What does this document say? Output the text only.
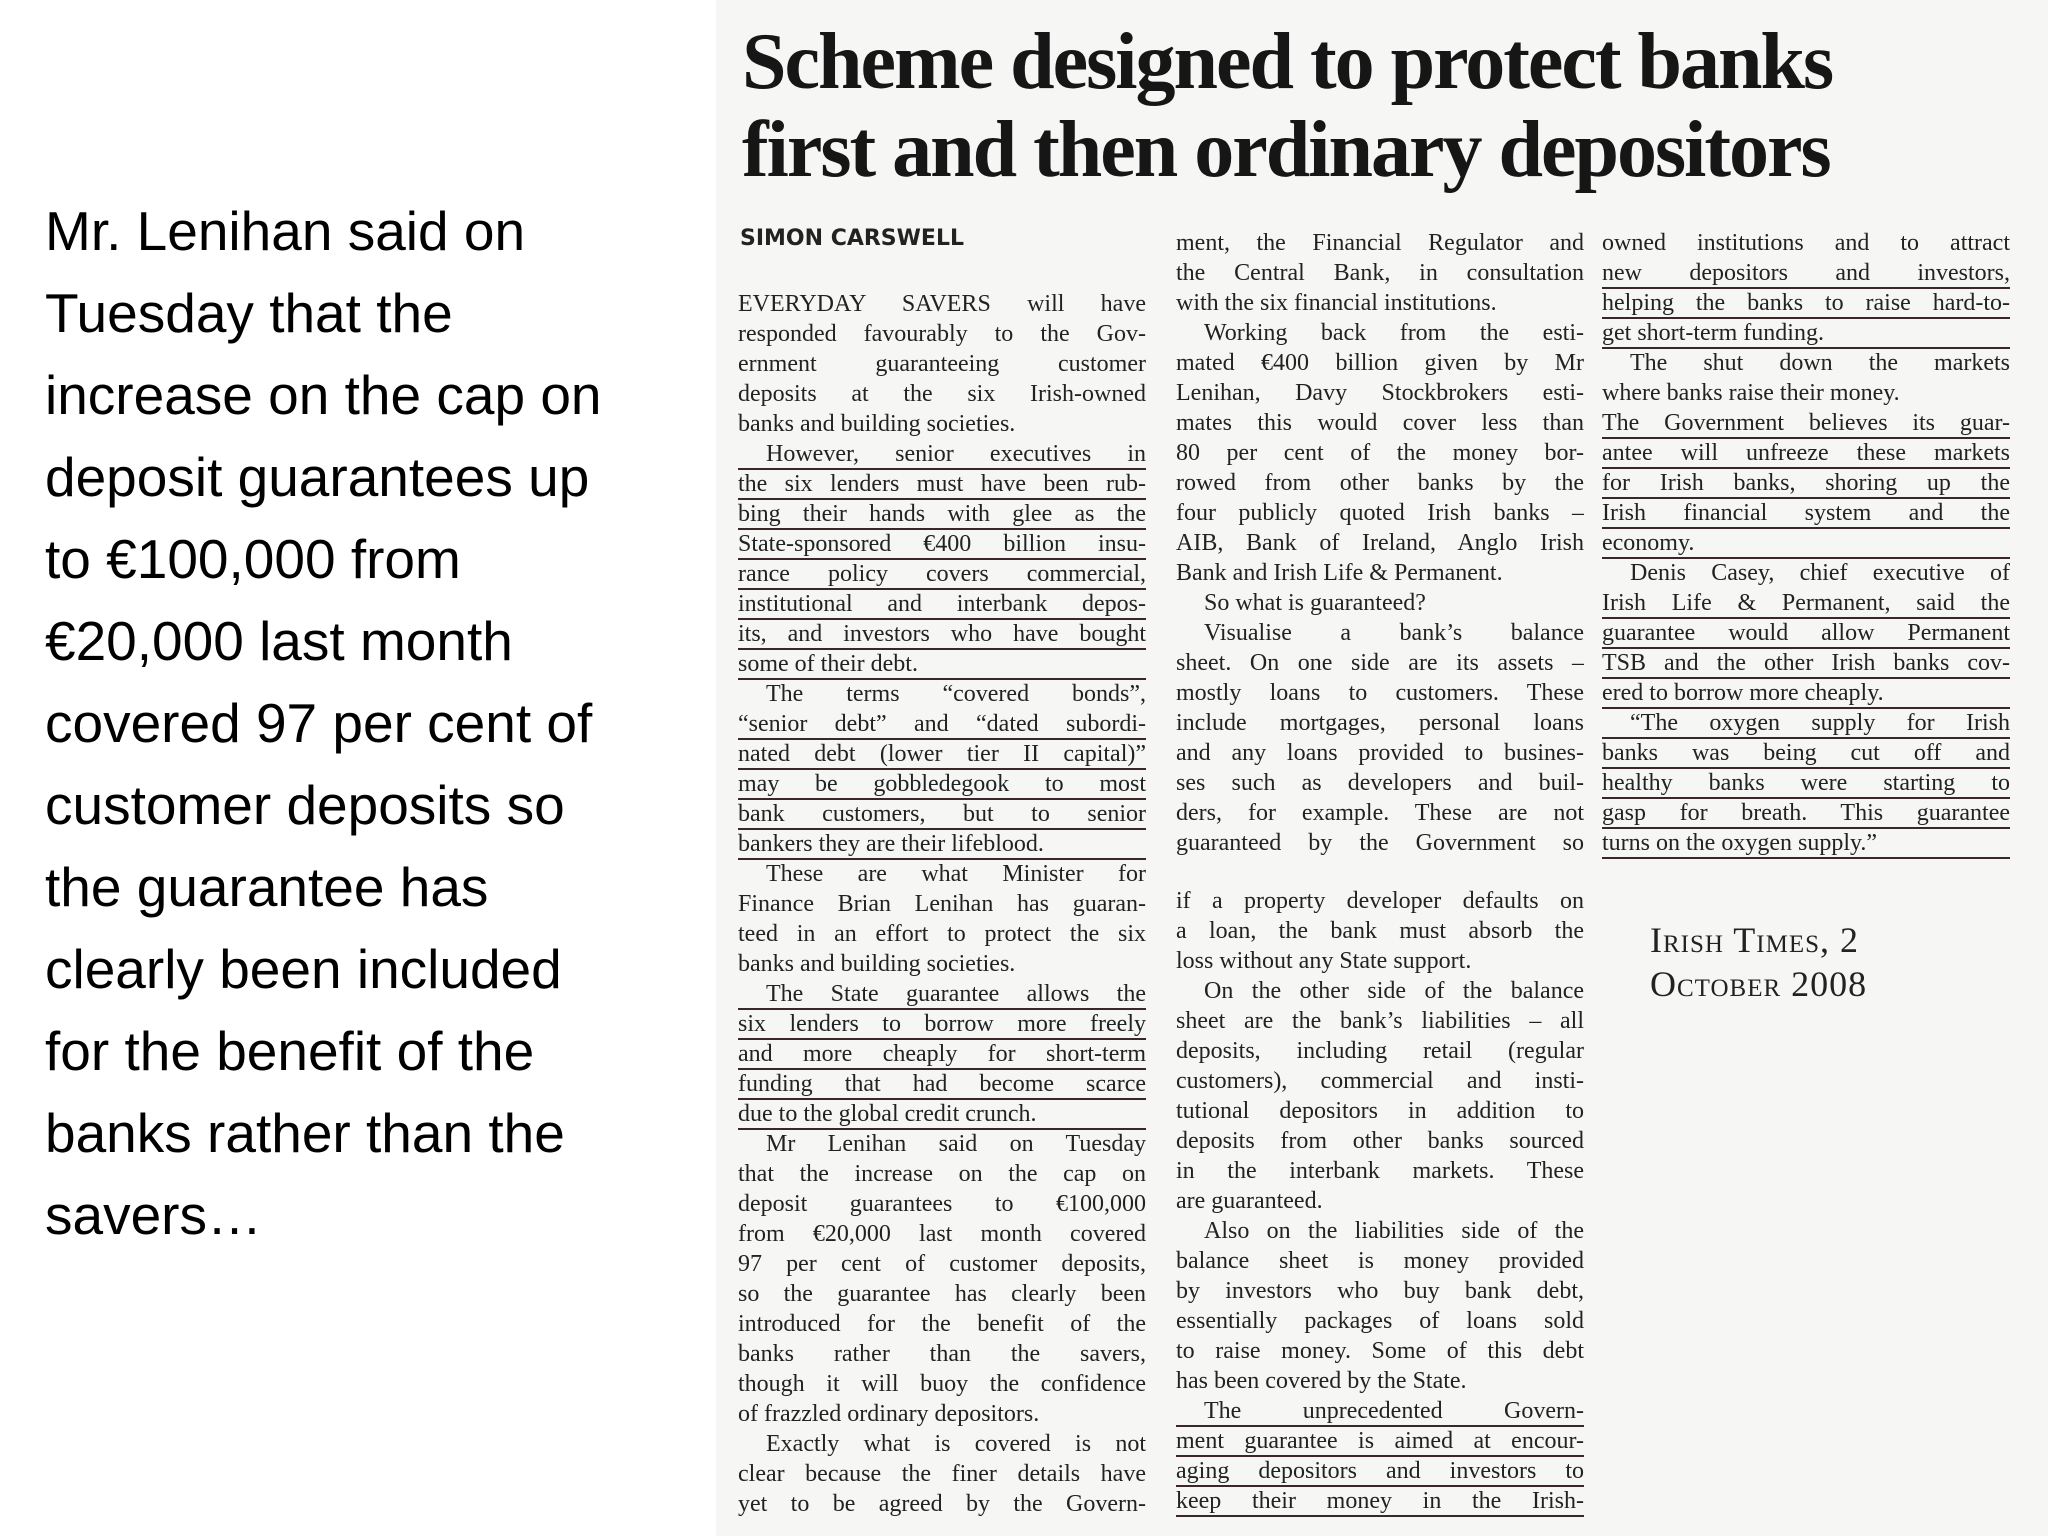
Mr. Lenihan said on
Tuesday that the
increase on the cap on
deposit guarantees up
to €100,000 from
€20,000 last month
covered 97 per cent of
customer deposits so
the guarantee has
clearly been included
for the benefit of the
banks rather than the
savers…
Scheme designed to protect banks
first and then ordinary depositors
SIMON CARSWELL
EVERYDAY SAVERS will have
responded favourably to the Gov-
ernment guaranteeing customer
deposits at the six Irish-owned
banks and building societies.
However, senior executives in
the six lenders must have been rub-
bing their hands with glee as the
State-sponsored €400 billion insu-
rance policy covers commercial,
institutional and interbank depos-
its, and investors who have bought
some of their debt.
The terms “covered bonds”,
“senior debt” and “dated subordi-
nated debt (lower tier II capital)”
may be gobbledegook to most
bank customers, but to senior
bankers they are their lifeblood.
These are what Minister for
Finance Brian Lenihan has guaran-
teed in an effort to protect the six
banks and building societies.
The State guarantee allows the
six lenders to borrow more freely
and more cheaply for short-term
funding that had become scarce
due to the global credit crunch.
Mr Lenihan said on Tuesday
that the increase on the cap on
deposit guarantees to €100,000
from €20,000 last month covered
97 per cent of customer deposits,
so the guarantee has clearly been
introduced for the benefit of the
banks rather than the savers,
though it will buoy the confidence
of frazzled ordinary depositors.
Exactly what is covered is not
clear because the finer details have
yet to be agreed by the Govern-
ment, the Financial Regulator and
the Central Bank, in consultation
with the six financial institutions.
Working back from the esti-
mated €400 billion given by Mr
Lenihan, Davy Stockbrokers esti-
mates this would cover less than
80 per cent of the money bor-
rowed from other banks by the
four publicly quoted Irish banks –
AIB, Bank of Ireland, Anglo Irish
Bank and Irish Life & Permanent.
So what is guaranteed?
Visualise a bank’s balance
sheet. On one side are its assets –
mostly loans to customers. These
include mortgages, personal loans
and any loans provided to busines-
ses such as developers and buil-
ders, for example. These are not
guaranteed by the Government so
if a property developer defaults on
a loan, the bank must absorb the
loss without any State support.
On the other side of the balance
sheet are the bank’s liabilities – all
deposits, including retail (regular
customers), commercial and insti-
tutional depositors in addition to
deposits from other banks sourced
in the interbank markets. These
are guaranteed.
Also on the liabilities side of the
balance sheet is money provided
by investors who buy bank debt,
essentially packages of loans sold
to raise money. Some of this debt
has been covered by the State.
The unprecedented Govern-
ment guarantee is aimed at encour-
aging depositors and investors to
keep their money in the Irish-
owned institutions and to attract
new depositors and investors,
helping the banks to raise hard-to-
get short-term funding.
The shut down the markets
where banks raise their money.
The Government believes its guar-
antee will unfreeze these markets
for Irish banks, shoring up the
Irish financial system and the
economy.
Denis Casey, chief executive of
Irish Life & Permanent, said the
guarantee would allow Permanent
TSB and the other Irish banks cov-
ered to borrow more cheaply.
“The oxygen supply for Irish
banks was being cut off and
healthy banks were starting to
gasp for breath. This guarantee
turns on the oxygen supply.”
Irish Times, 2
October 2008
